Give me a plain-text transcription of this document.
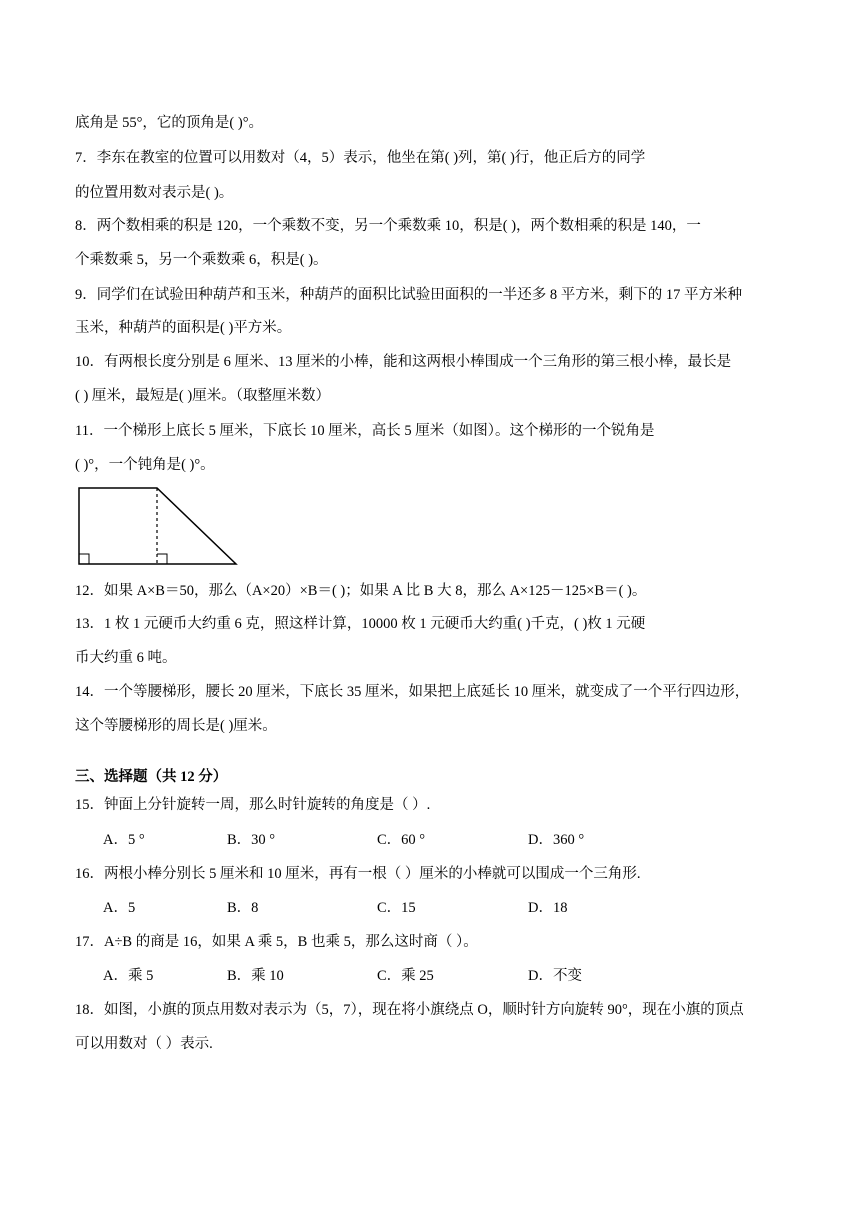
底角是 55°，它的顶角是( )°。
7．李东在教室的位置可以用数对（4，5）表示，他坐在第( )列，第( )行，他正后方的同学
的位置用数对表示是( )。
8．两个数相乘的积是 120，一个乘数不变，另一个乘数乘 10，积是( )，两个数相乘的积是 140，一
个乘数乘 5，另一个乘数乘 6，积是( )。
9．同学们在试验田种葫芦和玉米，种葫芦的面积比试验田面积的一半还多 8 平方米，剩下的 17 平方米种
玉米，种葫芦的面积是( )平方米。
10．有两根长度分别是 6 厘米、13 厘米的小棒，能和这两根小棒围成一个三角形的第三根小棒，最长是
( ) 厘米，最短是( )厘米。（取整厘米数）
11．一个梯形上底长 5 厘米，下底长 10 厘米，高长 5 厘米（如图）。这个梯形的一个锐角是
( )°，一个钝角是( )°。
12．如果 A×B＝50，那么（A×20）×B＝( )；如果 A 比 B 大 8，那么 A×125－125×B＝( )。
13．1 枚 1 元硬币大约重 6 克，照这样计算，10000 枚 1 元硬币大约重( )千克，( )枚 1 元硬
币大约重 6 吨。
14．一个等腰梯形，腰长 20 厘米，下底长 35 厘米，如果把上底延长 10 厘米，就变成了一个平行四边形，
这个等腰梯形的周长是( )厘米。
三、选择题（共 12 分）
15．钟面上分针旋转一周，那么时针旋转的角度是（ ）.
A．5 °	B．30 °	C．60 °	D．360 °
16．两根小棒分别长 5 厘米和 10 厘米，再有一根（ ）厘米的小棒就可以围成一个三角形.
A．5	B．8	C．15	D．18
17．A÷B 的商是 16，如果 A 乘 5，B 也乘 5，那么这时商（ ）。
A．乘 5	B．乘 10	C．乘 25	D．不变
18．如图，小旗的顶点用数对表示为（5，7），现在将小旗绕点 O，顺时针方向旋转 90°，现在小旗的顶点
可以用数对（ ）表示.
